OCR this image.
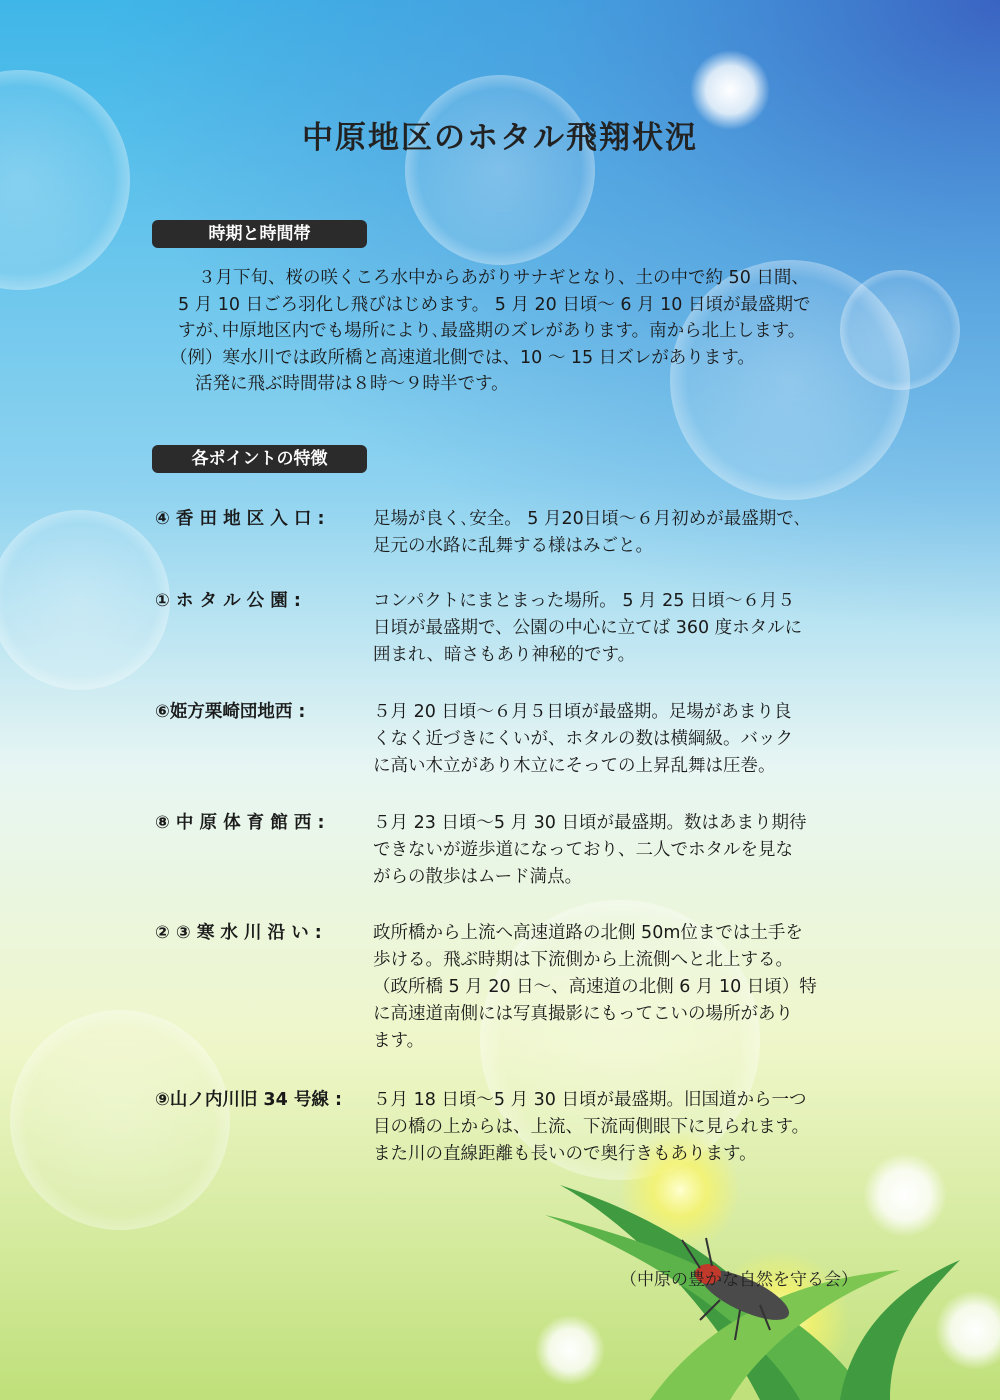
中原地区のホタル飛翔状況
時期と時間帯
３月下旬、桜の咲くころ水中からあがりサナギとなり、土の中で約 50 日間、
5 月 10 日ごろ羽化し飛びはじめます。 5 月 20 日頃～ 6 月 10 日頃が最盛期で
すが､中原地区内でも場所により､最盛期のズレがあります。南から北上します。
（例）寒水川では政所橋と高速道北側では、10 ～ 15 日ズレがあります。
活発に飛ぶ時間帯は８時～９時半です。
各ポイントの特徴
④ 香 田 地 区 入 口 :	足場が良く､安全。 5 月20日頃～６月初めが最盛期で､
足元の水路に乱舞する様はみごと。
① ホ タ ル 公 園 :	コンパクトにまとまった場所。 5 月 25 日頃～６月５
日頃が最盛期で、公園の中心に立てば 360 度ホタルに
囲まれ、暗さもあり神秘的です。
⑥姫方栗崎団地西 :	５月 20 日頃～６月５日頃が最盛期。足場があまり良
くなく近づきにくいが、ホタルの数は横綱級。バック
に高い木立があり木立にそっての上昇乱舞は圧巻。
⑧ 中 原 体 育 館 西 :	５月 23 日頃～5 月 30 日頃が最盛期。数はあまり期待
できないが遊歩道になっており、二人でホタルを見な
がらの散歩はムード満点。
② ③ 寒 水 川 沿 い :	政所橋から上流へ高速道路の北側 50m位までは土手を
歩ける。飛ぶ時期は下流側から上流側へと北上する。
（政所橋 5 月 20 日～、高速道の北側 6 月 10 日頃）特
に高速道南側には写真撮影にもってこいの場所があり
ます。
⑨山ノ内川旧 34 号線 :	５月 18 日頃～5 月 30 日頃が最盛期。旧国道から一つ
目の橋の上からは、上流、下流両側眼下に見られます。
また川の直線距離も長いので奥行きもあります。
（中原の豊かな自然を守る会）
